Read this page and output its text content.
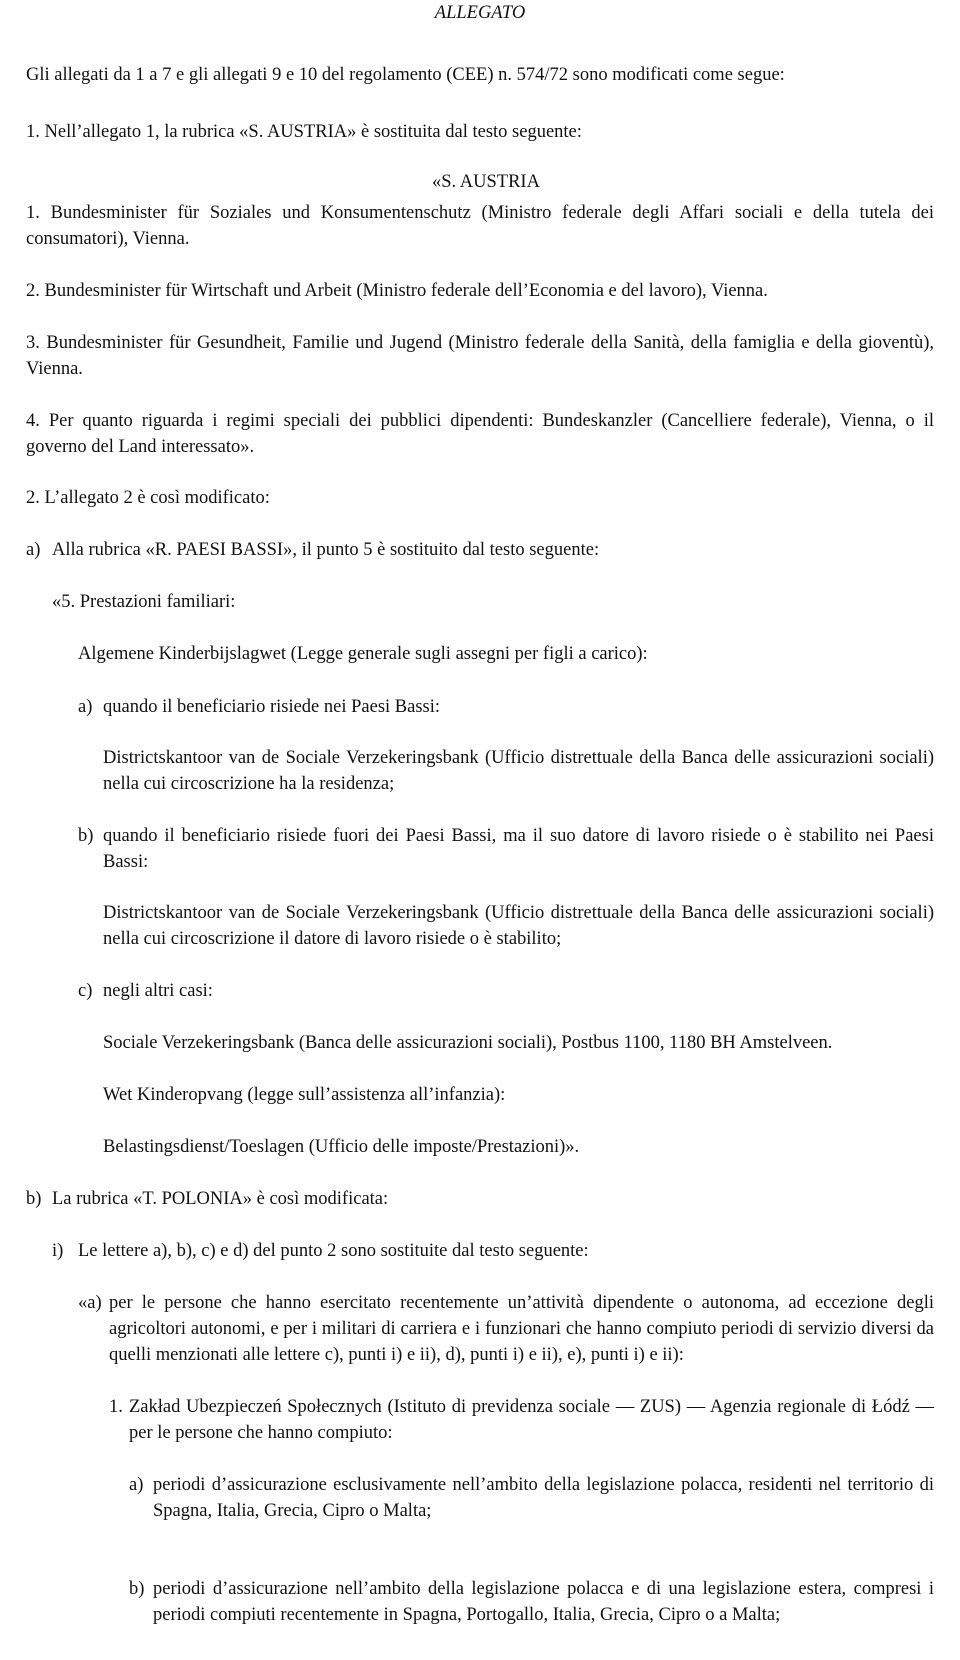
ALLEGATO
Gli allegati da 1 a 7 e gli allegati 9 e 10 del regolamento (CEE) n. 574/72 sono modificati come segue:
1. Nell’allegato 1, la rubrica «S. AUSTRIA» è sostituita dal testo seguente:
«S. AUSTRIA
1. Bundesminister für Soziales und Konsumentenschutz (Ministro federale degli Affari sociali e della tutela dei consumatori), Vienna.
2. Bundesminister für Wirtschaft und Arbeit (Ministro federale dell’Economia e del lavoro), Vienna.
3. Bundesminister für Gesundheit, Familie und Jugend (Ministro federale della Sanità, della famiglia e della gioventù), Vienna.
4. Per quanto riguarda i regimi speciali dei pubblici dipendenti: Bundeskanzler (Cancelliere federale), Vienna, o il governo del Land interessato».
2. L’allegato 2 è così modificato:
a) Alla rubrica «R. PAESI BASSI», il punto 5 è sostituito dal testo seguente:
«5. Prestazioni familiari:
Algemene Kinderbijslagwet (Legge generale sugli assegni per figli a carico):
a) quando il beneficiario risiede nei Paesi Bassi:
Districtskantoor van de Sociale Verzekeringsbank (Ufficio distrettuale della Banca delle assicurazioni sociali) nella cui circoscrizione ha la residenza;
b) quando il beneficiario risiede fuori dei Paesi Bassi, ma il suo datore di lavoro risiede o è stabilito nei Paesi Bassi:
Districtskantoor van de Sociale Verzekeringsbank (Ufficio distrettuale della Banca delle assicurazioni sociali) nella cui circoscrizione il datore di lavoro risiede o è stabilito;
c) negli altri casi:
Sociale Verzekeringsbank (Banca delle assicurazioni sociali), Postbus 1100, 1180 BH Amstelveen.
Wet Kinderopvang (legge sull’assistenza all’infanzia):
Belastingsdienst/Toeslagen (Ufficio delle imposte/Prestazioni)».
b) La rubrica «T. POLONIA» è così modificata:
i) Le lettere a), b), c) e d) del punto 2 sono sostituite dal testo seguente:
«a) per le persone che hanno esercitato recentemente un’attività dipendente o autonoma, ad eccezione degli agricoltori autonomi, e per i militari di carriera e i funzionari che hanno compiuto periodi di servizio diversi da quelli menzionati alle lettere c), punti i) e ii), d), punti i) e ii), e), punti i) e ii):
1. Zakład Ubezpieczeń Społecznych (Istituto di previdenza sociale — ZUS) — Agenzia regionale di Łódź — per le persone che hanno compiuto:
a) periodi d’assicurazione esclusivamente nell’ambito della legislazione polacca, residenti nel territorio di Spagna, Italia, Grecia, Cipro o Malta;
b) periodi d’assicurazione nell’ambito della legislazione polacca e di una legislazione estera, compresi i periodi compiuti recentemente in Spagna, Portogallo, Italia, Grecia, Cipro o a Malta;
